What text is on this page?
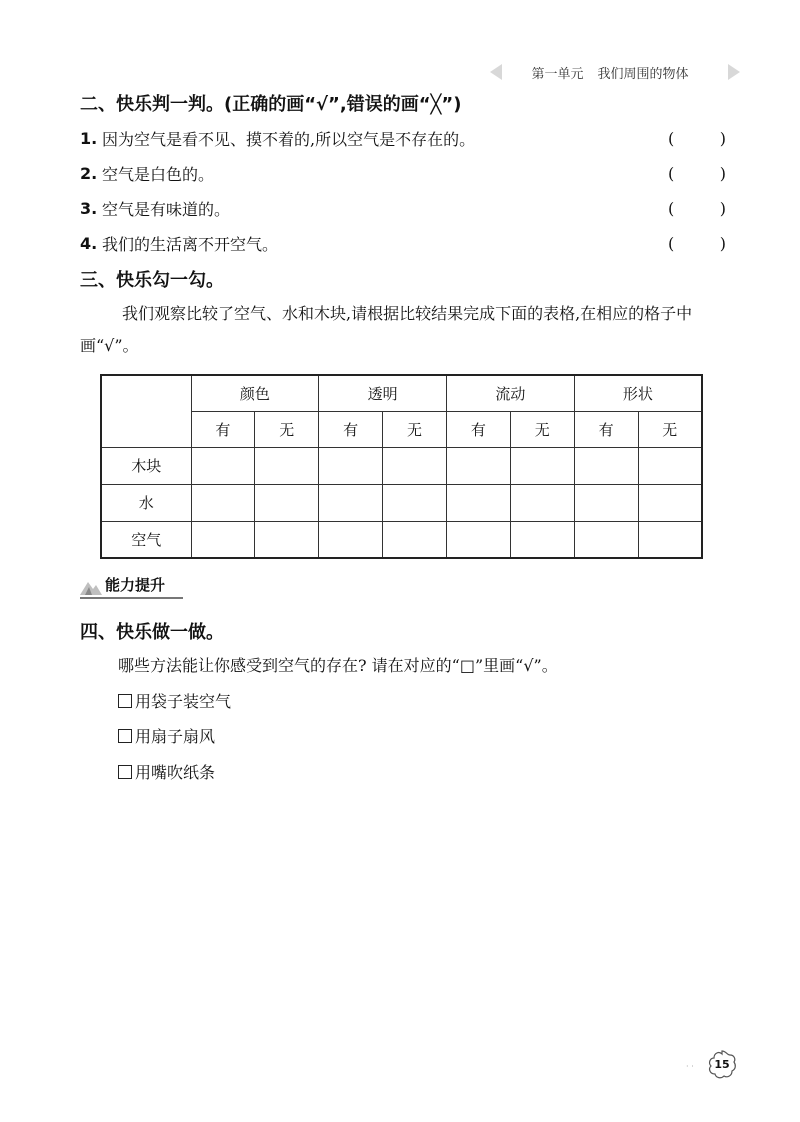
第一单元 我们周围的物体
二、快乐判一判。(正确的画“√”,错误的画“╳”)
1. 因为空气是看不见、摸不着的,所以空气是不存在的。	(	)
2. 空气是白色的。	(	)
3. 空气是有味道的。	(	)
4. 我们的生活离不开空气。	(	)
三、快乐勾一勾。
我们观察比较了空气、水和木块,请根据比较结果完成下面的表格,在相应的格子中画“√”。
	颜色		透明		流动		形状	
	有	无	有	无	有	无	有	无
木块								
水								
空气								
能力提升
四、快乐做一做。
哪些方法能让你感受到空气的存在? 请在对应的“□”里画“√”。
用袋子装空气
用扇子扇风
用嘴吹纸条
· ·	15
